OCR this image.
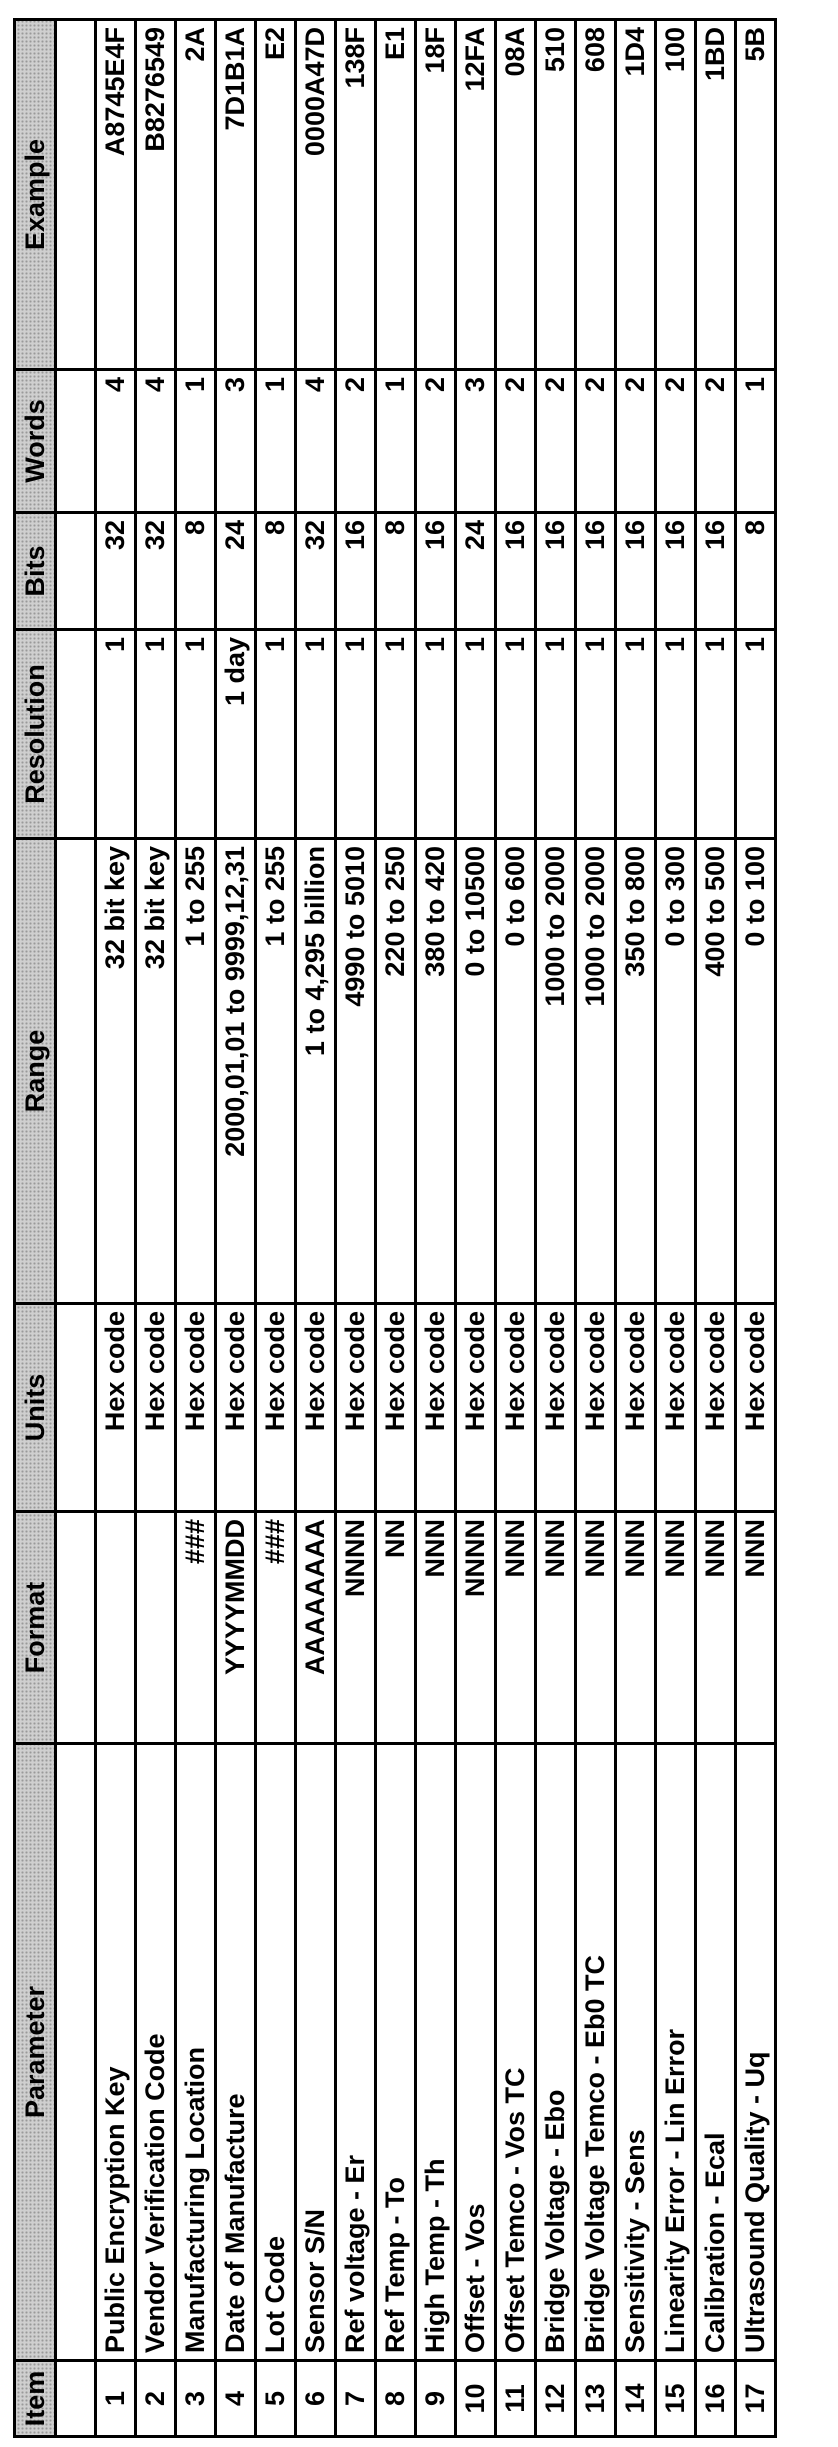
Item	Parameter	Format	Units	Range	Resolution	Bits	Words	Example

1	Public Encryption Key		Hex code	32 bit key	1	32	4	A8745E4F
2	Vendor Verification Code		Hex code	32 bit key	1	32	4	B8276549
3	Manufacturing Location	###	Hex code	1 to 255	1	8	1	2A
4	Date of Manufacture	YYYYMMDD	Hex code	2000,01,01 to 9999,12,31	1 day	24	3	7D1B1A
5	Lot Code	###	Hex code	1 to 255	1	8	1	E2
6	Sensor S/N	AAAAAAAA	Hex code	1 to 4,295 billion	1	32	4	0000A47D
7	Ref voltage - Er	NNNN	Hex code	4990 to 5010	1	16	2	138F
8	Ref Temp - To	NN	Hex code	220 to 250	1	8	1	E1
9	High Temp - Th	NNN	Hex code	380 to 420	1	16	2	18F
10	Offset - Vos	NNNN	Hex code	0 to 10500	1	24	3	12FA
11	Offset Temco - Vos TC	NNN	Hex code	0 to 600	1	16	2	08A
12	Bridge Voltage - Ebo	NNN	Hex code	1000 to 2000	1	16	2	510
13	Bridge Voltage Temco - Eb0 TC	NNN	Hex code	1000 to 2000	1	16	2	608
14	Sensitivity - Sens	NNN	Hex code	350 to 800	1	16	2	1D4
15	Linearity Error - Lin Error	NNN	Hex code	0 to 300	1	16	2	100
16	Calibration - Ecal	NNN	Hex code	400 to 500	1	16	2	1BD
17	Ultrasound Quality - Uq	NNN	Hex code	0 to 100	1	8	1	5B
